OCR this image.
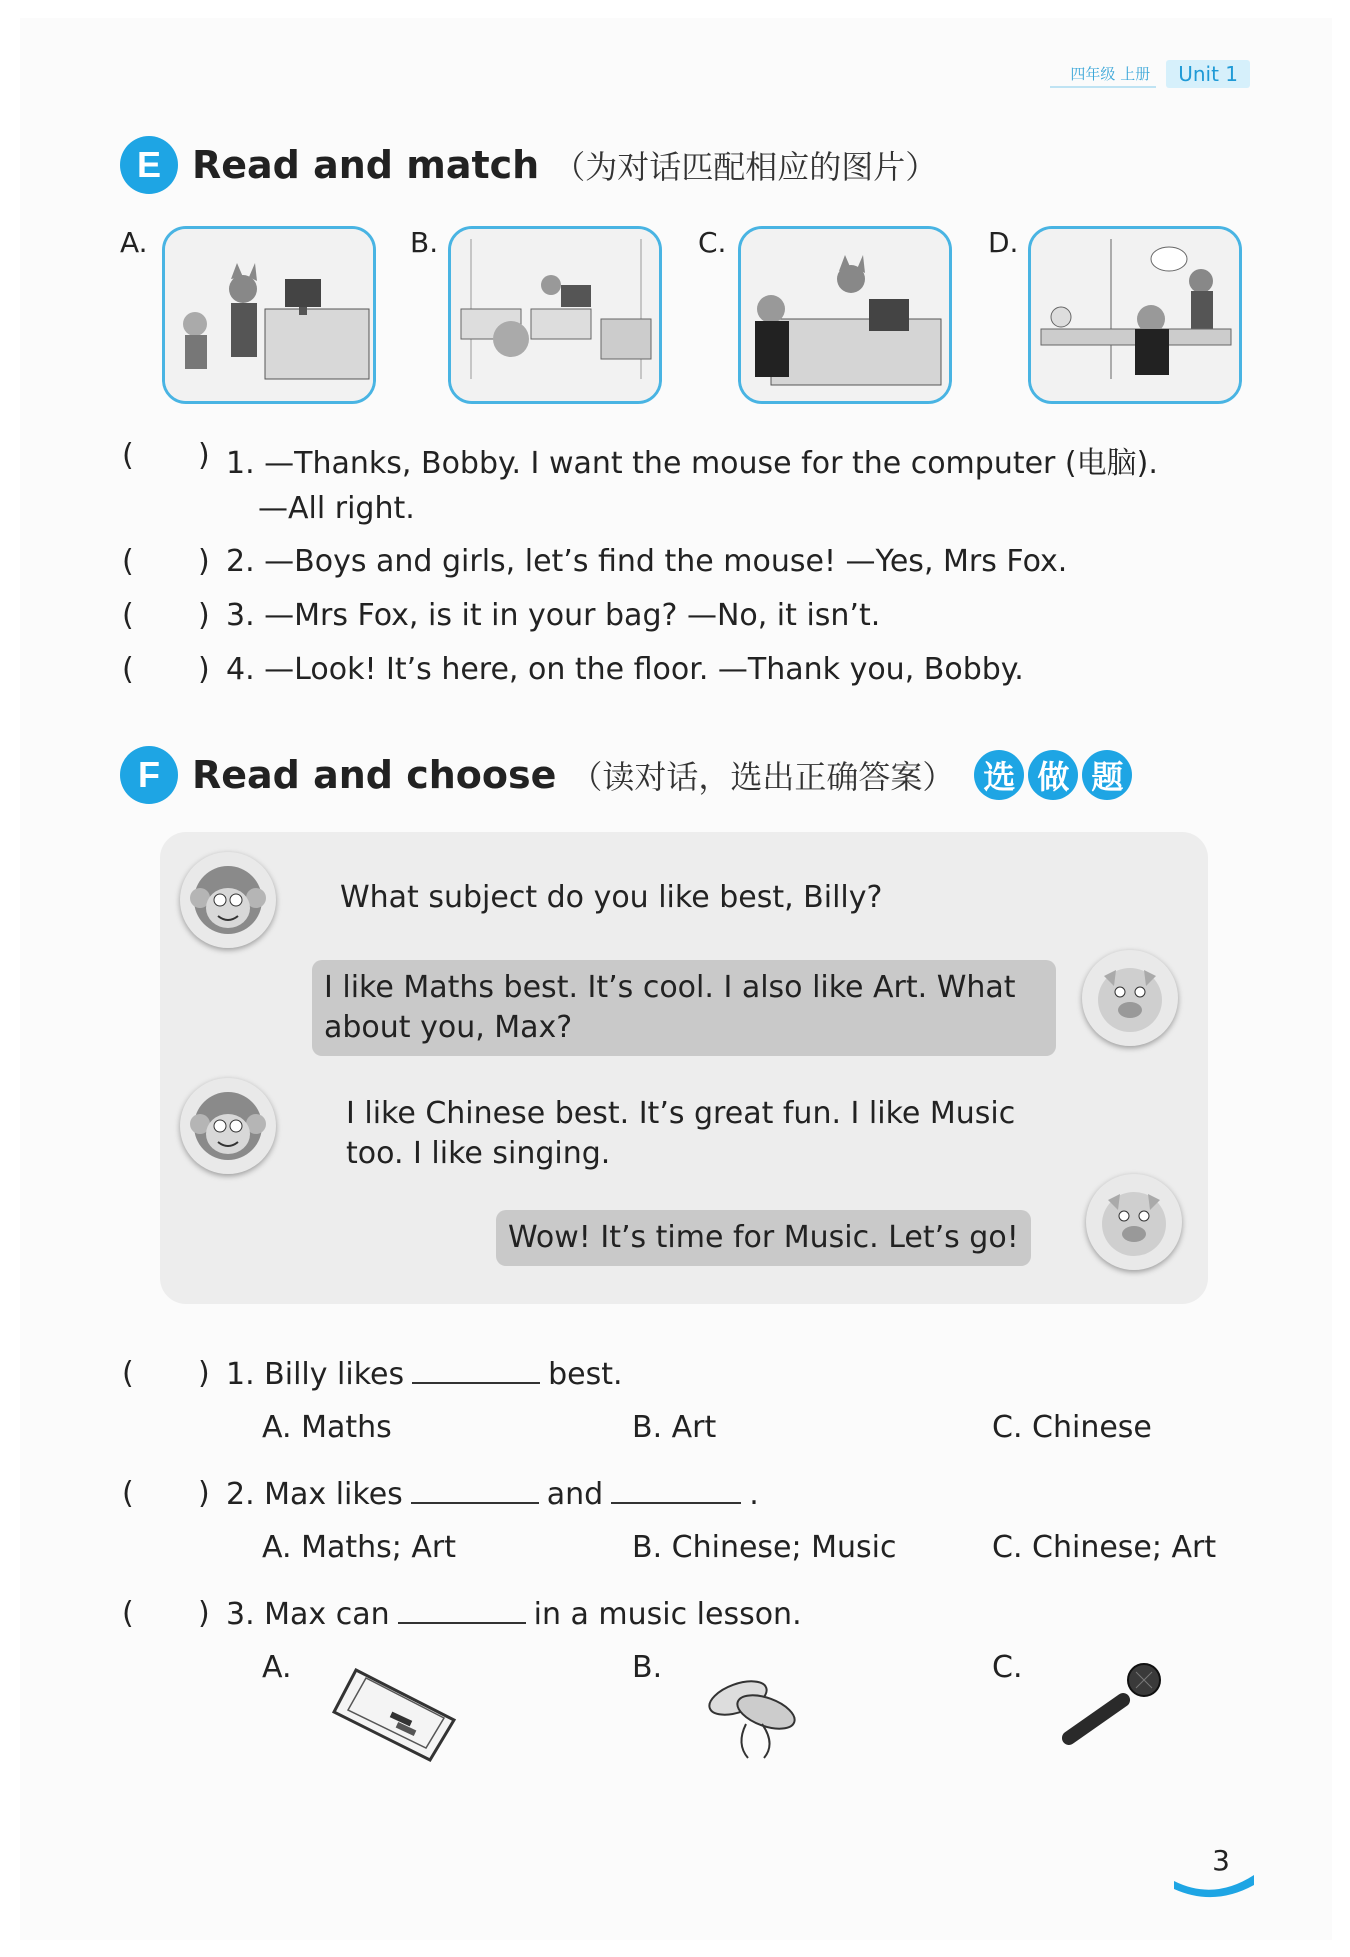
四年级 上册	Unit 1
E Read and match （为对话匹配相应的图片）
A.	B.	C.	D.
( ) 1. —Thanks, Bobby. I want the mouse for the computer (电脑).
—All right.
( ) 2. —Boys and girls, let’s find the mouse! —Yes, Mrs Fox.
( ) 3. —Mrs Fox, is it in your bag? —No, it isn’t.
( ) 4. —Look! It’s here, on the floor. —Thank you, Bobby.
F Read and choose （读对话，选出正确答案） 选 做 题
What subject do you like best, Billy?
I like Maths best. It’s cool. I also like Art. What about you, Max?
I like Chinese best. It’s great fun. I like Music too. I like singing.
Wow! It’s time for Music. Let’s go!
( ) 1. Billy likes	best.
A. Maths	B. Art	C. Chinese
( ) 2. Max likes	and	.
A. Maths; Art	B. Chinese; Music	C. Chinese; Art
( ) 3. Max can	in a music lesson.
A.	B.	C.
3
